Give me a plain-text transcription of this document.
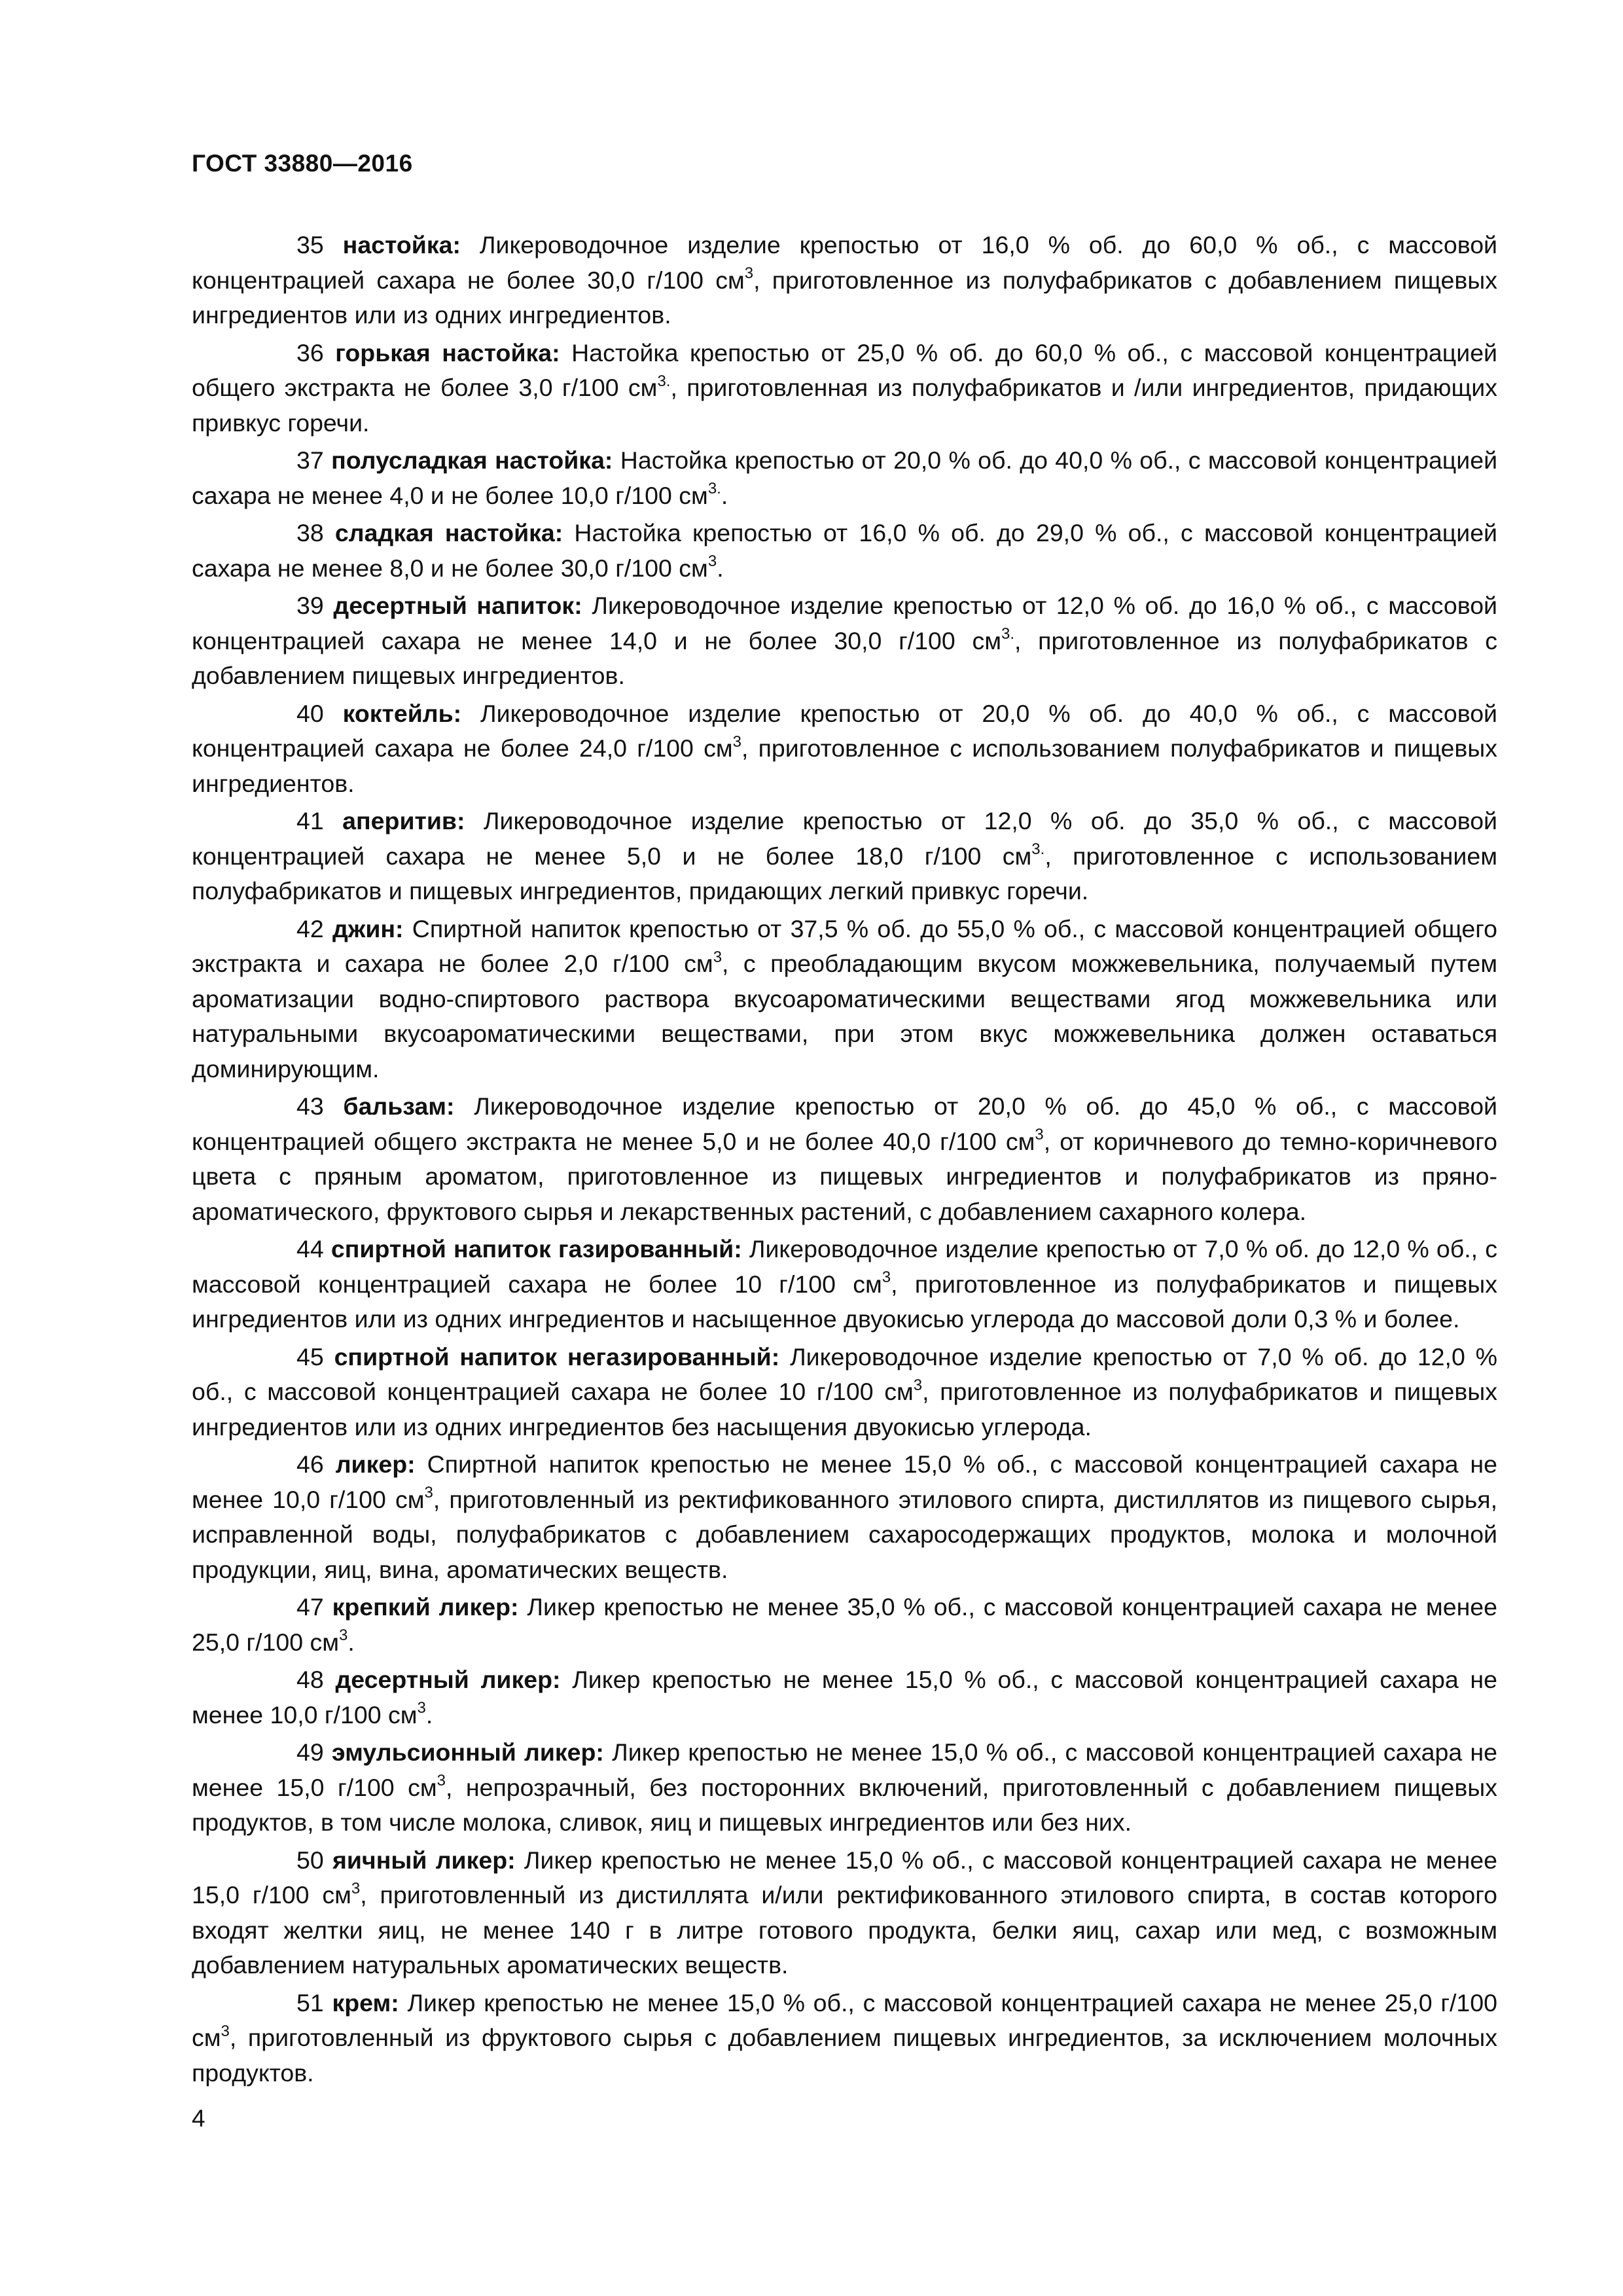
ГОСТ 33880—2016

35 настойка: Ликероводочное изделие крепостью от 16,0 % об. до 60,0 % об., с массовой концентрацией сахара не более 30,0 г/100 $см^3$, приготовленное из полуфабрикатов с добавлением пищевых ингредиентов или из одних ингредиентов.

36 горькая настойка: Настойка крепостью от 25,0 % об. до 60,0 % об., с массовой концентрацией общего экстракта не более 3,0 г/100 $см^{3.}$, приготовленная из полуфабрикатов и /или ингредиентов, придающих привкус горечи.

37 полусладкая настойка: Настойка крепостью от 20,0 % об. до 40,0 % об., с массовой концентрацией сахара не менее 4,0 и не более 10,0 г/100 $см^{3.}$.

38 сладкая настойка: Настойка крепостью от 16,0 % об. до 29,0 % об., с массовой концентрацией сахара не менее 8,0 и не более 30,0 г/100 $см^3$.

39 десертный напиток: Ликероводочное изделие крепостью от 12,0 % об. до 16,0 % об., с массовой концентрацией сахара не менее 14,0 и не более 30,0 г/100 $см^{3.}$, приготовленное из полуфабрикатов с добавлением пищевых ингредиентов.

40 коктейль: Ликероводочное изделие крепостью от 20,0 % об. до 40,0 % об., с массовой концентрацией сахара не более 24,0 г/100 $см^3$, приготовленное с использованием полуфабрикатов и пищевых ингредиентов.

41 аперитив: Ликероводочное изделие крепостью от 12,0 % об. до 35,0 % об., с массовой концентрацией сахара не менее 5,0 и не более 18,0 г/100 $см^{3.}$, приготовленное с использованием полуфабрикатов и пищевых ингредиентов, придающих легкий привкус горечи.

42 джин: Спиртной напиток крепостью от 37,5 % об. до 55,0 % об., с массовой концентрацией общего экстракта и сахара не более 2,0 г/100 $см^3$, с преобладающим вкусом можжевельника, получаемый путем ароматизации водно-спиртового раствора вкусоароматическими веществами ягод можжевельника или натуральными вкусоароматическими веществами, при этом вкус можжевельника должен оставаться доминирующим.

43 бальзам: Ликероводочное изделие крепостью от 20,0 % об. до 45,0 % об., с массовой концентрацией общего экстракта не менее 5,0 и не более 40,0 г/100 $см^3$, от коричневого до темно-коричневого цвета с пряным ароматом, приготовленное из пищевых ингредиентов и полуфабрикатов из пряно-ароматического, фруктового сырья и лекарственных растений, с добавлением сахарного колера.

44 спиртной напиток газированный: Ликероводочное изделие крепостью от 7,0 % об. до 12,0 % об., с массовой концентрацией сахара не более 10 г/100 $см^3$, приготовленное из полуфабрикатов и пищевых ингредиентов или из одних ингредиентов и насыщенное двуокисью углерода до массовой доли 0,3 % и более.

45 спиртной напиток негазированный: Ликероводочное изделие крепостью от 7,0 % об. до 12,0 % об., с массовой концентрацией сахара не более 10 г/100 $см^3$, приготовленное из полуфабрикатов и пищевых ингредиентов или из одних ингредиентов без насыщения двуокисью углерода.

46 ликер: Спиртной напиток крепостью не менее 15,0 % об., с массовой концентрацией сахара не менее 10,0 г/100 $см^3$, приготовленный из ректификованного этилового спирта, дистиллятов из пищевого сырья, исправленной воды, полуфабрикатов с добавлением сахаросодержащих продуктов, молока и молочной продукции, яиц, вина, ароматических веществ.

47 крепкий ликер: Ликер крепостью не менее 35,0 % об., с массовой концентрацией сахара не менее 25,0 г/100 $см^3$.

48 десертный ликер: Ликер крепостью не менее 15,0 % об., с массовой концентрацией сахара не менее 10,0 г/100 $см^3$.

49 эмульсионный ликер: Ликер крепостью не менее 15,0 % об., с массовой концентрацией сахара не менее 15,0 г/100 $см^3$, непрозрачный, без посторонних включений, приготовленный с добавлением пищевых продуктов, в том числе молока, сливок, яиц и пищевых ингредиентов или без них.

50 яичный ликер: Ликер крепостью не менее 15,0 % об., с массовой концентрацией сахара не менее 15,0 г/100 $см^3$, приготовленный из дистиллята и/или ректификованного этилового спирта, в состав которого входят желтки яиц, не менее 140 г в литре готового продукта, белки яиц, сахар или мед, с возможным добавлением натуральных ароматических веществ.

51 крем: Ликер крепостью не менее 15,0 % об., с массовой концентрацией сахара не менее 25,0 г/100 $см^3$, приготовленный из фруктового сырья с добавлением пищевых ингредиентов, за исключением молочных продуктов.

4
